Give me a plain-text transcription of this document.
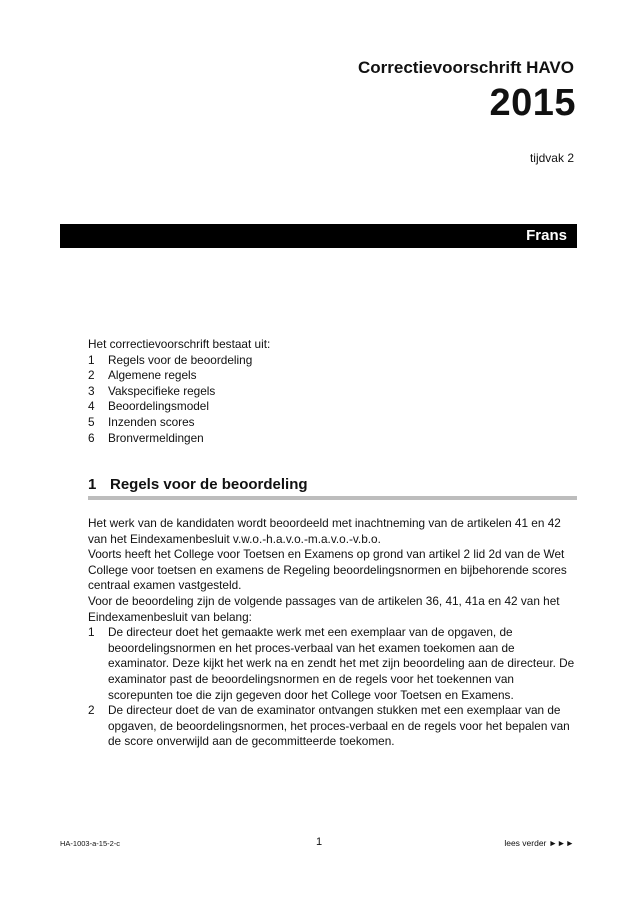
Correctievoorschrift HAVO
2015
tijdvak 2
Frans
Het correctievoorschrift bestaat uit:
1	Regels voor de beoordeling
2	Algemene regels
3	Vakspecifieke regels
4	Beoordelingsmodel
5	Inzenden scores
6	Bronvermeldingen
1 Regels voor de beoordeling

Het werk van de kandidaten wordt beoordeeld met inachtneming van de artikelen 41 en 42 van het Eindexamenbesluit v.w.o.-h.a.v.o.-m.a.v.o.-v.b.o.

Voorts heeft het College voor Toetsen en Examens op grond van artikel 2 lid 2d van de Wet College voor toetsen en examens de Regeling beoordelingsnormen en bijbehorende scores centraal examen vastgesteld.

Voor de beoordeling zijn de volgende passages van de artikelen 36, 41, 41a en 42 van het Eindexamenbesluit van belang:

1	De directeur doet het gemaakte werk met een exemplaar van de opgaven, de beoordelingsnormen en het proces-verbaal van het examen toekomen aan de examinator. Deze kijkt het werk na en zendt het met zijn beoordeling aan de directeur. De examinator past de beoordelingsnormen en de regels voor het toekennen van scorepunten toe die zijn gegeven door het College voor Toetsen en Examens.
2	De directeur doet de van de examinator ontvangen stukken met een exemplaar van de opgaven, de beoordelingsnormen, het proces-verbaal en de regels voor het bepalen van de score onverwijld aan de gecommitteerde toekomen.
HA-1003-a-15-2-c	1	lees verder ►►►
